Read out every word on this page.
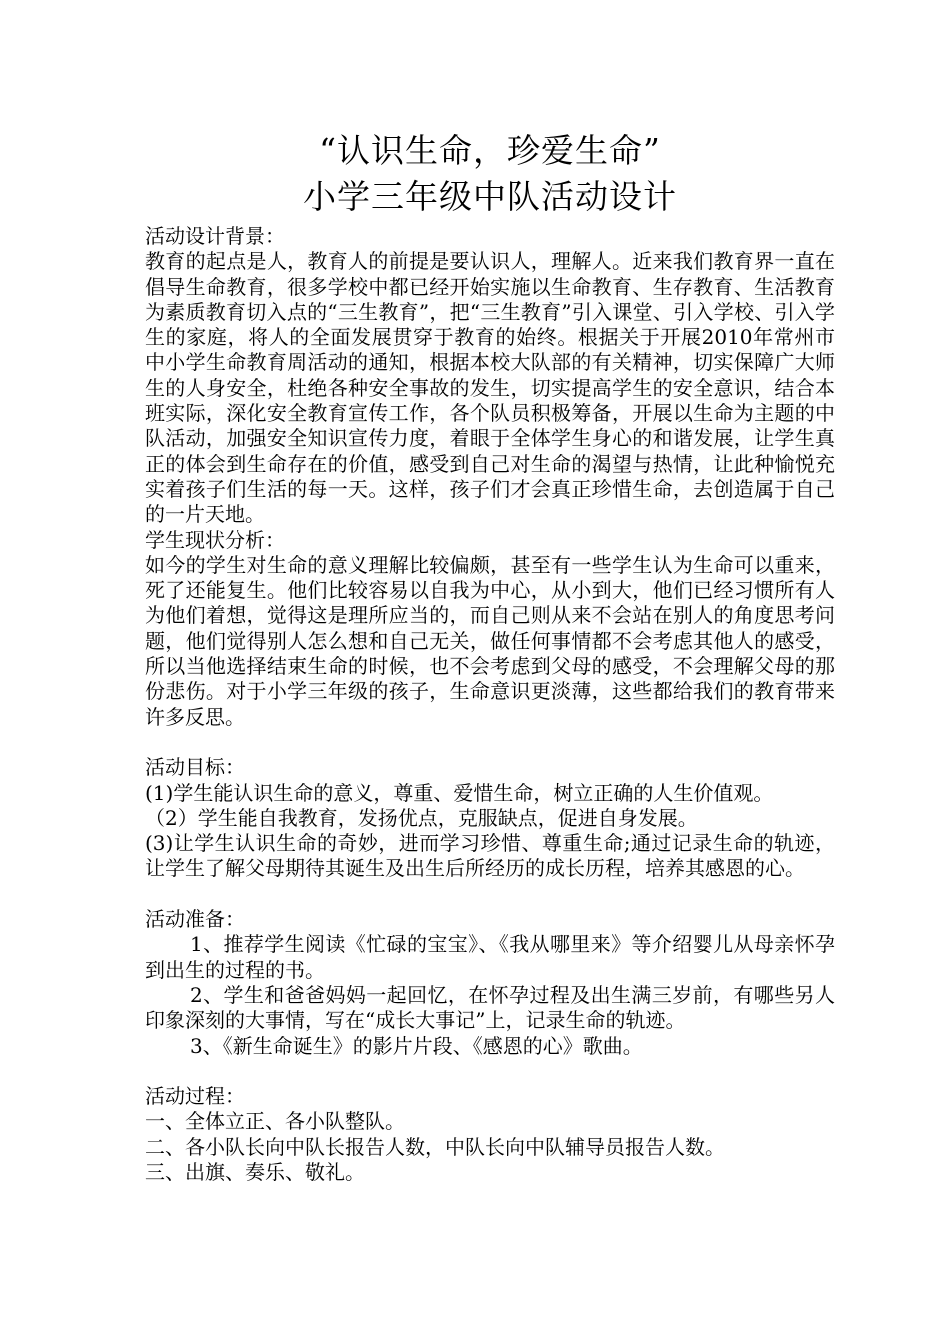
“认识生命，珍爱生命”
小学三年级中队活动设计

活动设计背景：

教育的起点是人，教育人的前提是要认识人，理解人。近来我们教育界一直在倡导生命教育，很多学校中都已经开始实施以生命教育、生存教育、生活教育为素质教育切入点的“三生教育”，把“三生教育”引入课堂、引入学校、引入学生的家庭，将人的全面发展贯穿于教育的始终。根据关于开展2010年常州市中小学生命教育周活动的通知，根据本校大队部的有关精神，切实保障广大师生的人身安全，杜绝各种安全事故的发生，切实提高学生的安全意识，结合本班实际，深化安全教育宣传工作，各个队员积极筹备，开展以生命为主题的中队活动，加强安全知识宣传力度，着眼于全体学生身心的和谐发展，让学生真正的体会到生命存在的价值，感受到自己对生命的渴望与热情，让此种愉悦充实着孩子们生活的每一天。这样，孩子们才会真正珍惜生命，去创造属于自己的一片天地。

学生现状分析：

如今的学生对生命的意义理解比较偏颇，甚至有一些学生认为生命可以重来，死了还能复生。他们比较容易以自我为中心，从小到大，他们已经习惯所有人为他们着想，觉得这是理所应当的，而自己则从来不会站在别人的角度思考问题，他们觉得别人怎么想和自己无关，做任何事情都不会考虑其他人的感受，所以当他选择结束生命的时候，也不会考虑到父母的感受，不会理解父母的那份悲伤。对于小学三年级的孩子，生命意识更淡薄，这些都给我们的教育带来许多反思。

活动目标：

(1)学生能认识生命的意义，尊重、爱惜生命，树立正确的人生价值观。

（2）学生能自我教育，发扬优点，克服缺点，促进自身发展。

(3)让学生认识生命的奇妙，进而学习珍惜、尊重生命;通过记录生命的轨迹，让学生了解父母期待其诞生及出生后所经历的成长历程，培养其感恩的心。

活动准备：

1、推荐学生阅读《忙碌的宝宝》、《我从哪里来》等介绍婴儿从母亲怀孕到出生的过程的书。

2、学生和爸爸妈妈一起回忆，在怀孕过程及出生满三岁前，有哪些另人印象深刻的大事情，写在“成长大事记”上，记录生命的轨迹。

3、《新生命诞生》的影片片段、《感恩的心》歌曲。

活动过程：

一、全体立正、各小队整队。

二、各小队长向中队长报告人数，中队长向中队辅导员报告人数。

三、出旗、奏乐、敬礼。
